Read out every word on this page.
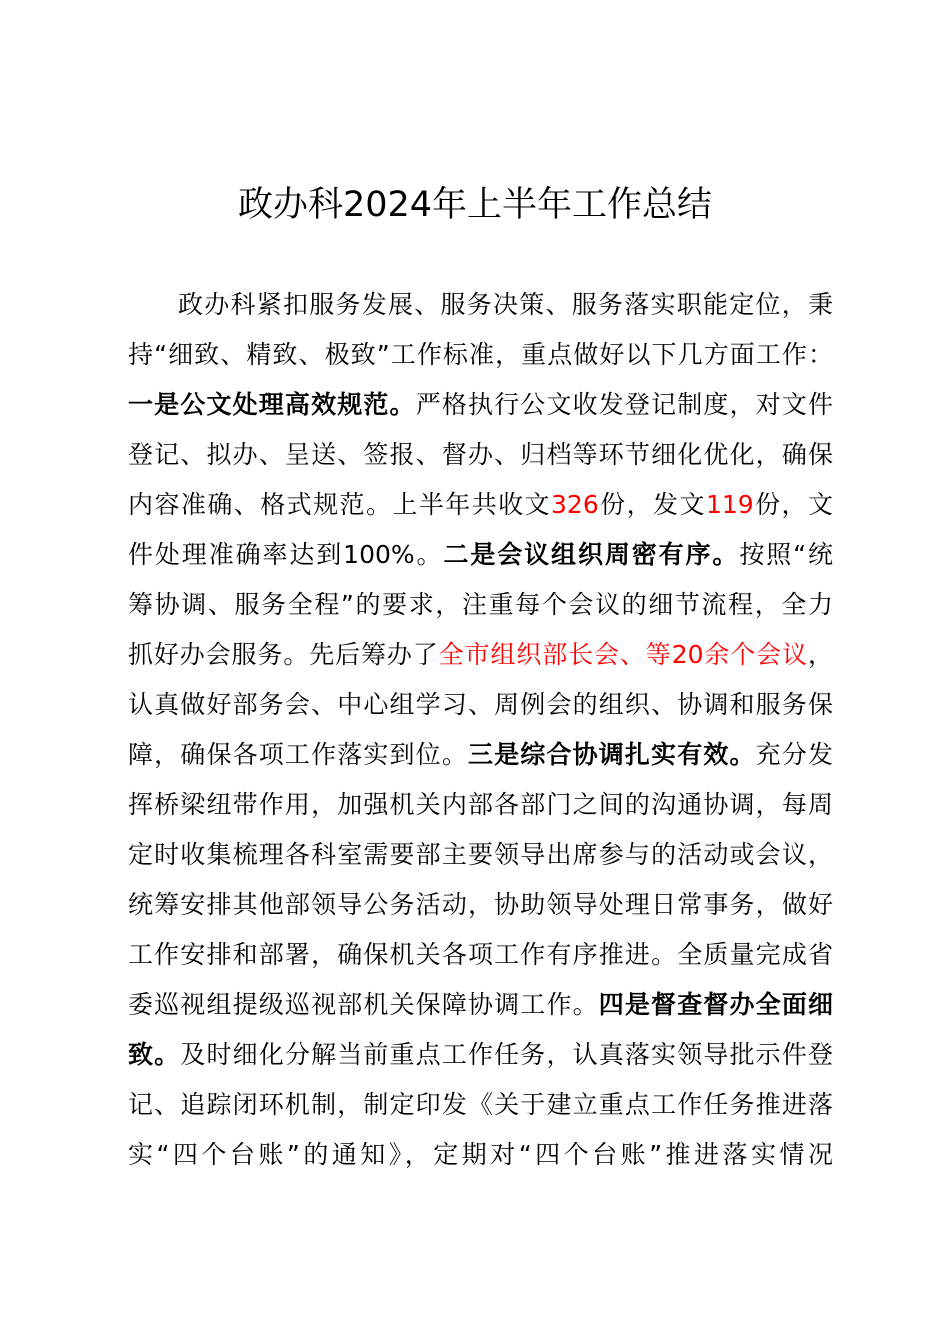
政办科2024年上半年工作总结
政办科紧扣服务发展、服务决策、服务落实职能定位，秉
持“细致、精致、极致”工作标准，重点做好以下几方面工作：
一是公文处理高效规范。严格执行公文收发登记制度，对文件
登记、拟办、呈送、签报、督办、归档等环节细化优化，确保
内容准确、格式规范。上半年共收文326份，发文119份，文
件处理准确率达到100%。二是会议组织周密有序。按照“统
筹协调、服务全程”的要求，注重每个会议的细节流程，全力
抓好办会服务。先后筹办了全市组织部长会、等20余个会议，
认真做好部务会、中心组学习、周例会的组织、协调和服务保
障，确保各项工作落实到位。三是综合协调扎实有效。充分发
挥桥梁纽带作用，加强机关内部各部门之间的沟通协调，每周
定时收集梳理各科室需要部主要领导出席参与的活动或会议，
统筹安排其他部领导公务活动，协助领导处理日常事务，做好
工作安排和部署，确保机关各项工作有序推进。全质量完成省
委巡视组提级巡视部机关保障协调工作。四是督查督办全面细
致。及时细化分解当前重点工作任务，认真落实领导批示件登
记、追踪闭环机制，制定印发《关于建立重点工作任务推进落
实“四个台账”的通知》，定期对“四个台账”推进落实情况
